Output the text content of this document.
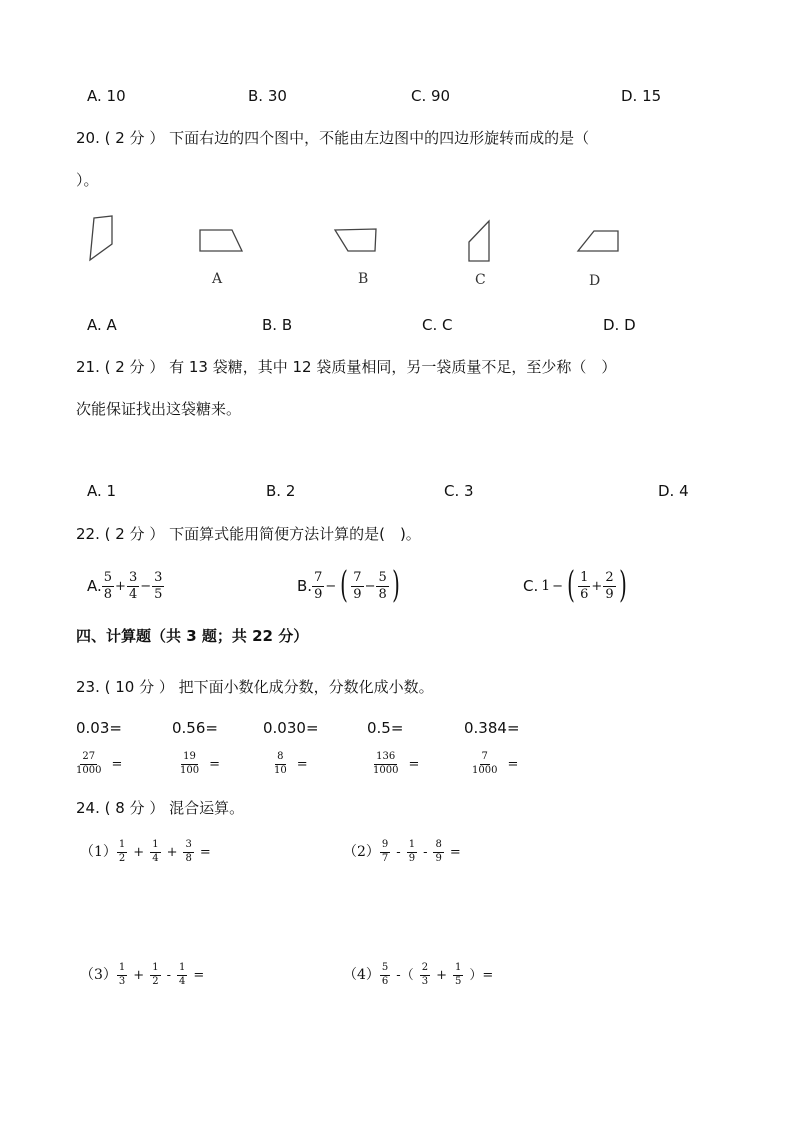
A. 10	B. 30	C. 90	D. 15
20. ( 2 分 ） 下面右边的四个图中，不能由左边图中的四边形旋转而成的是（
）。
A	B	C	D
A. A	B. B	C. C	D. D
21. ( 2 分 ） 有 13 袋糖，其中 12 袋质量相同，另一袋质量不足，至少称（　）
次能保证找出这袋糖来。
A. 1	B. 2	C. 3	D. 4
22. ( 2 分 ） 下面算式能用简便方法计算的是(　)。
A. $\frac{5}{8} + \frac{3}{4} - \frac{3}{5}$	B. $\frac{7}{9}$ − ( $\frac{7}{9} - \frac{5}{8}$ )	C. 1 − ( $\frac{1}{6} + \frac{2}{9}$ )
四、计算题（共 3 题；共 22 分）
23. ( 10 分 ） 把下面小数化成分数，分数化成小数。
0.03=	0.56=	0.030=	0.5=	0.384=
$\frac{27}{1000}$ =	$\frac{19}{100}$ =	$\frac{8}{10}$ =	$\frac{136}{1000}$ =	$\frac{7}{1000}$ =
24. ( 8 分 ） 混合运算。
$(1) \frac{1}{2} + \frac{1}{4} + \frac{3}{8}$ =	$(2) \frac{9}{7} - \frac{1}{9} - \frac{8}{9}$ =
$(3) \frac{1}{3} + \frac{1}{2} - \frac{1}{4}$ =	$(4) \frac{5}{6}$ -（ $\frac{2}{3} + \frac{1}{5}$ ）=
